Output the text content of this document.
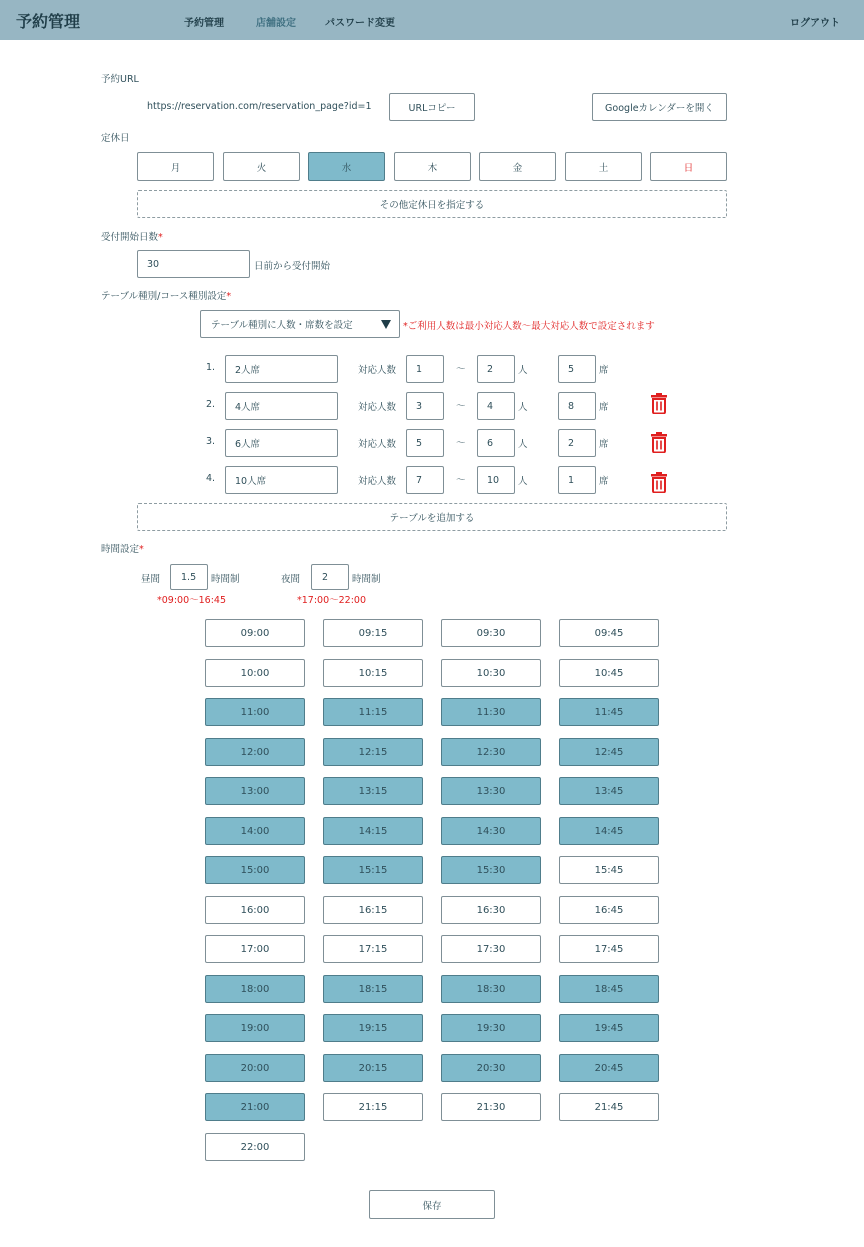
予約管理	予約管理	店舗設定	パスワード変更	ログアウト
予約URL
https://reservation.com/reservation_page?id=1	URLコピー	Googleカレンダーを開く
定休日
月	火	水	木	金	土	日
その他定休日を指定する
受付開始日数*
30	日前から受付開始
テーブル種別/コース種別設定*
テーブル種別に人数・席数を設定	*ご利用人数は最小対応人数〜最大対応人数で設定されます
1.	2人席	対応人数	1	〜	2	人	5	席
2.	4人席	対応人数	3	〜	4	人	8	席
3.	6人席	対応人数	5	〜	6	人	2	席
4.	10人席	対応人数	7	〜	10	人	1	席
テーブルを追加する
時間設定*
昼間	1.5	時間制	夜間	2	時間制
*09:00〜16:45	*17:00〜22:00
09:00	09:15	09:30	09:45
10:00	10:15	10:30	10:45
11:00	11:15	11:30	11:45
12:00	12:15	12:30	12:45
13:00	13:15	13:30	13:45
14:00	14:15	14:30	14:45
15:00	15:15	15:30	15:45
16:00	16:15	16:30	16:45
17:00	17:15	17:30	17:45
18:00	18:15	18:30	18:45
19:00	19:15	19:30	19:45
20:00	20:15	20:30	20:45
21:00	21:15	21:30	21:45
22:00
保存
